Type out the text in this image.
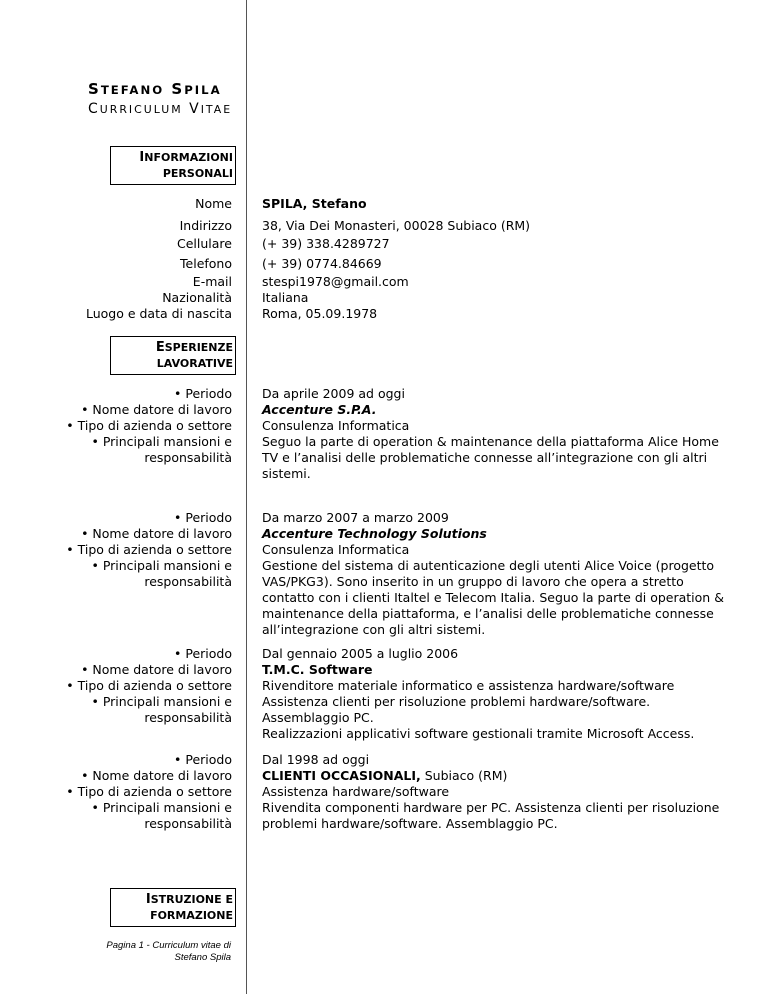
STEFANO SPILA
CURRICULUM VITAE
INFORMAZIONI
PERSONALI
Nome SPILA, Stefano
Indirizzo 38, Via Dei Monasteri, 00028 Subiaco (RM)
Cellulare (+ 39) 338.4289727
Telefono (+ 39) 0774.84669
E-mail stespi1978@gmail.com
Nazionalità Italiana
Luogo e data di nascita Roma, 05.09.1978
ESPERIENZE
LAVORATIVE
• Periodo
• Nome datore di lavoro
• Tipo di azienda o settore
• Principali mansioni e
responsabilità
Da aprile 2009 ad oggi
Accenture S.P.A.
Consulenza Informatica
Seguo la parte di operation & maintenance della piattaforma Alice Home TV e l’analisi delle problematiche connesse all’integrazione con gli altri sistemi.
• Periodo
• Nome datore di lavoro
• Tipo di azienda o settore
• Principali mansioni e
responsabilità
Da marzo 2007 a marzo 2009
Accenture Technology Solutions
Consulenza Informatica
Gestione del sistema di autenticazione degli utenti Alice Voice (progetto VAS/PKG3). Sono inserito in un gruppo di lavoro che opera a stretto contatto con i clienti Italtel e Telecom Italia. Seguo la parte di operation & maintenance della piattaforma, e l’analisi delle problematiche connesse all’integrazione con gli altri sistemi.
• Periodo
• Nome datore di lavoro
• Tipo di azienda o settore
• Principali mansioni e
responsabilità
Dal gennaio 2005 a luglio 2006
T.M.C. Software
Rivenditore materiale informatico e assistenza hardware/software
Assistenza clienti per risoluzione problemi hardware/software. Assemblaggio PC.
Realizzazioni applicativi software gestionali tramite Microsoft Access.
• Periodo
• Nome datore di lavoro
• Tipo di azienda o settore
• Principali mansioni e
responsabilità
Dal 1998 ad oggi
CLIENTI OCCASIONALI, Subiaco (RM)
Assistenza hardware/software
Rivendita componenti hardware per PC. Assistenza clienti per risoluzione problemi hardware/software. Assemblaggio PC.
ISTRUZIONE E
FORMAZIONE
Pagina 1 - Curriculum vitae di
Stefano Spila
